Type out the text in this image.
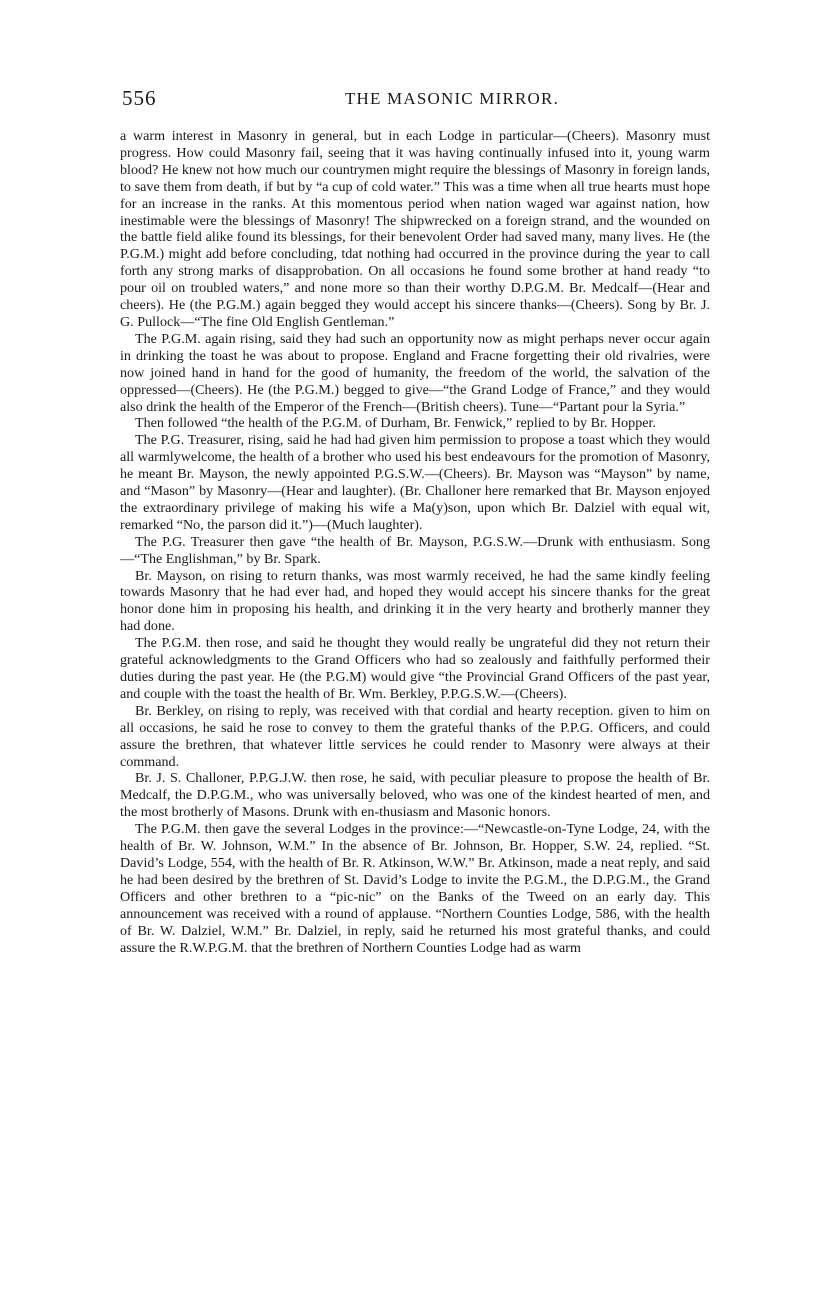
556	THE MASONIC MIRROR.

a warm interest in Masonry in general, but in each Lodge in particular—(Cheers). Masonry must progress. How could Masonry fail, seeing that it was having continually infused into it, young warm blood? He knew not how much our countrymen might require the blessings of Masonry in foreign lands, to save them from death, if but by “a cup of cold water.” This was a time when all true hearts must hope for an increase in the ranks. At this momentous period when nation waged war against nation, how inestimable were the blessings of Masonry! The shipwrecked on a foreign strand, and the wounded on the battle field alike found its blessings, for their benevolent Order had saved many, many lives. He (the P.G.M.) might add before concluding, tdat nothing had occurred in the province during the year to call forth any strong marks of disapprobation. On all occasions he found some brother at hand ready “to pour oil on troubled waters,” and none more so than their worthy D.P.G.M. Br. Medcalf—(Hear and cheers). He (the P.G.M.) again begged they would accept his sincere thanks—(Cheers). Song by Br. J. G. Pullock—“The fine Old English Gentleman.”

The P.G.M. again rising, said they had such an opportunity now as might perhaps never occur again in drinking the toast he was about to propose. England and Fracne forgetting their old rivalries, were now joined hand in hand for the good of humanity, the freedom of the world, the salvation of the oppressed—(Cheers). He (the P.G.M.) begged to give—“the Grand Lodge of France,” and they would also drink the health of the Emperor of the French—(British cheers). Tune—“Partant pour la Syria.”

Then followed “the health of the P.G.M. of Durham, Br. Fenwick,” replied to by Br. Hopper.

The P.G. Treasurer, rising, said he had had given him permission to propose a toast which they would all warmlywelcome, the health of a brother who used his best endeavours for the promotion of Masonry, he meant Br. Mayson, the newly appointed P.G.S.W.—(Cheers). Br. Mayson was “Mayson” by name, and “Mason” by Masonry—(Hear and laughter). (Br. Challoner here remarked that Br. Mayson enjoyed the extraordinary privilege of making his wife a Ma(y)son, upon which Br. Dalziel with equal wit, remarked “No, the parson did it.”)—(Much laughter).

The P.G. Treasurer then gave “the health of Br. Mayson, P.G.S.W.—Drunk with enthusiasm. Song—“The Englishman,” by Br. Spark.

Br. Mayson, on rising to return thanks, was most warmly received, he had the same kindly feeling towards Masonry that he had ever had, and hoped they would accept his sincere thanks for the great honor done him in proposing his health, and drinking it in the very hearty and brotherly manner they had done.

The P.G.M. then rose, and said he thought they would really be ungrateful did they not return their grateful acknowledgments to the Grand Officers who had so zealously and faithfully performed their duties during the past year. He (the P.G.M) would give “the Provincial Grand Officers of the past year, and couple with the toast the health of Br. Wm. Berkley, P.P.G.S.W.—(Cheers).

Br. Berkley, on rising to reply, was received with that cordial and hearty reception. given to him on all occasions, he said he rose to convey to them the grateful thanks of the P.P.G. Officers, and could assure the brethren, that whatever little services he could render to Masonry were always at their command.

Br. J. S. Challoner, P.P.G.J.W. then rose, he said, with peculiar pleasure to propose the health of Br. Medcalf, the D.P.G.M., who was universally beloved, who was one of the kindest hearted of men, and the most brotherly of Masons. Drunk with en-thusiasm and Masonic honors.

The P.G.M. then gave the several Lodges in the province:—“Newcastle-on-Tyne Lodge, 24, with the health of Br. W. Johnson, W.M.” In the absence of Br. Johnson, Br. Hopper, S.W. 24, replied. “St. David’s Lodge, 554, with the health of Br. R. Atkinson, W.W.” Br. Atkinson, made a neat reply, and said he had been desired by the brethren of St. David’s Lodge to invite the P.G.M., the D.P.G.M., the Grand Officers and other brethren to a “pic-nic” on the Banks of the Tweed on an early day. This announcement was received with a round of applause. “Northern Counties Lodge, 586, with the health of Br. W. Dalziel, W.M.” Br. Dalziel, in reply, said he returned his most grateful thanks, and could assure the R.W.P.G.M. that the brethren of Northern Counties Lodge had as warm
